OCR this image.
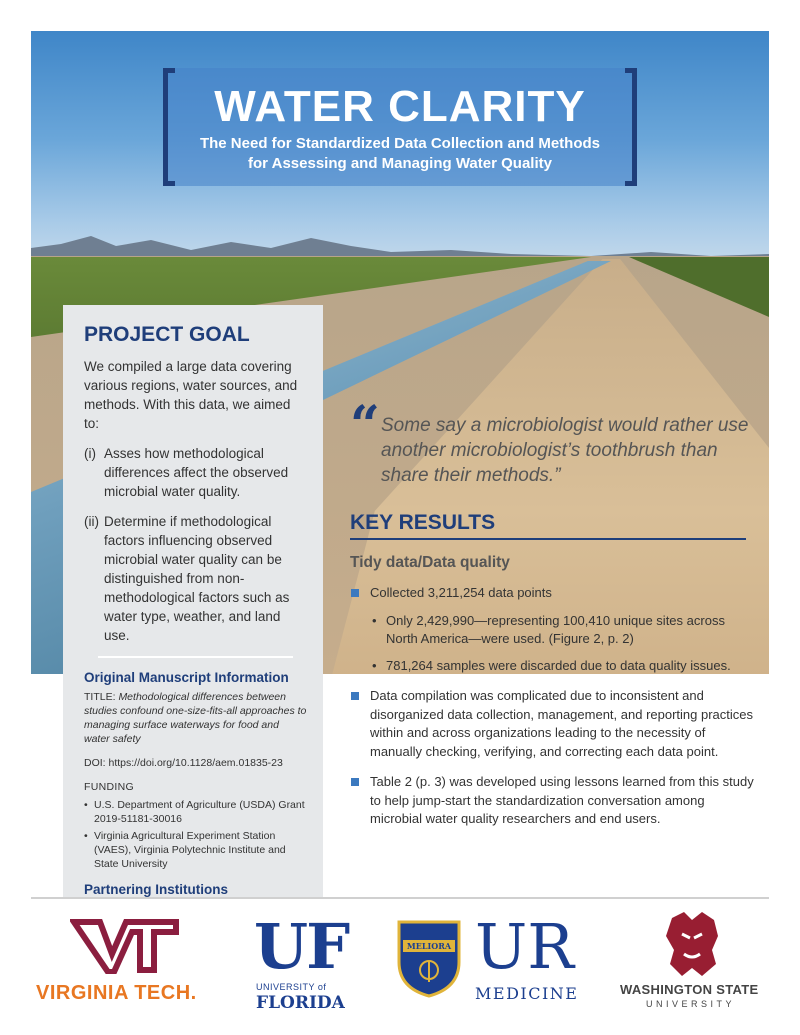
WATER CLARITY
The Need for Standardized Data Collection and Methods
for Assessing and Managing Water Quality
PROJECT GOAL
We compiled a large data covering various regions, water sources, and methods. With this data, we aimed to:
(i) Asses how methodological differences affect the observed microbial water quality.
(ii) Determine if methodological factors influencing observed microbial water quality can be distinguished from non-methodological factors such as water type, weather, and land use.
Original Manuscript Information
TITLE: Methodological differences between studies confound one-size-fits-all approaches to managing surface waterways for food and water safety
DOI: https://doi.org/10.1128/aem.01835-23
FUNDING
• U.S. Department of Agriculture (USDA) Grant 2019-51181-30016
• Virginia Agricultural Experiment Station (VAES), Virginia Polytechnic Institute and State University
Partnering Institutions
“ Some say a microbiologist would rather use another microbiologist’s toothbrush than share their methods.”
KEY RESULTS
Tidy data/Data quality
Collected 3,211,254 data points
• Only 2,429,990—representing 100,410 unique sites across North America—were used. (Figure 2, p. 2)
• 781,264 samples were discarded due to data quality issues.
Data compilation was complicated due to inconsistent and disorganized data collection, management, and reporting practices within and across organizations leading to the necessity of manually checking, verifying, and correcting each data point.
Table 2 (p. 3) was developed using lessons learned from this study to help jump-start the standardization conversation among microbial water quality researchers and end users.
VIRGINIA TECH.
UF
UNIVERSITY of
FLORIDA
MELIORA UR
MEDICINE	WASHINGTON STATE
UNIVERSITY
